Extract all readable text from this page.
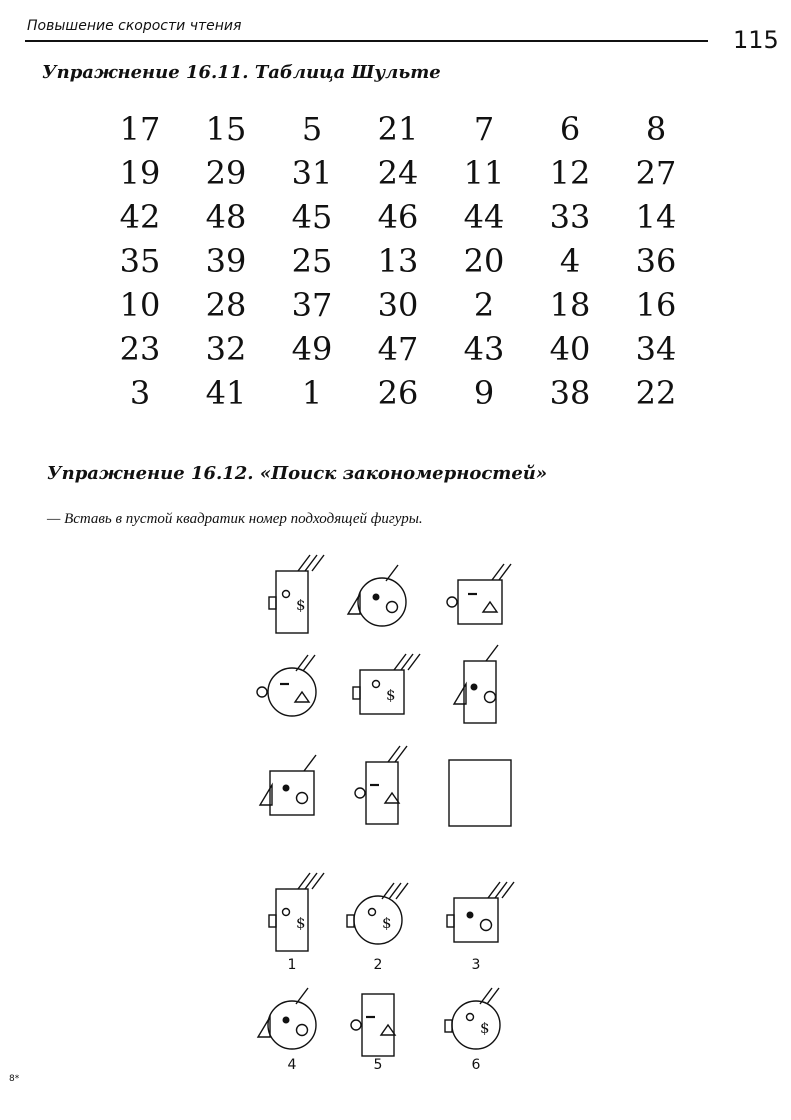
Повышение скорости чтения	115
Упражнение 16.11. Таблица Шульте
17	15	5	21	7	6	8
19	29	31	24	11	12	27
42	48	45	46	44	33	14
35	39	25	13	20	4	36
10	28	37	30	2	18	16
23	32	49	47	43	40	34
3	41	1	26	9	38	22
Упражнение 16.12. «Поиск закономерностей»
— Вставь в пустой квадратик номер подходящей фигуры.
$
$
$	$
$
1	2	3
4	5	6
8*
